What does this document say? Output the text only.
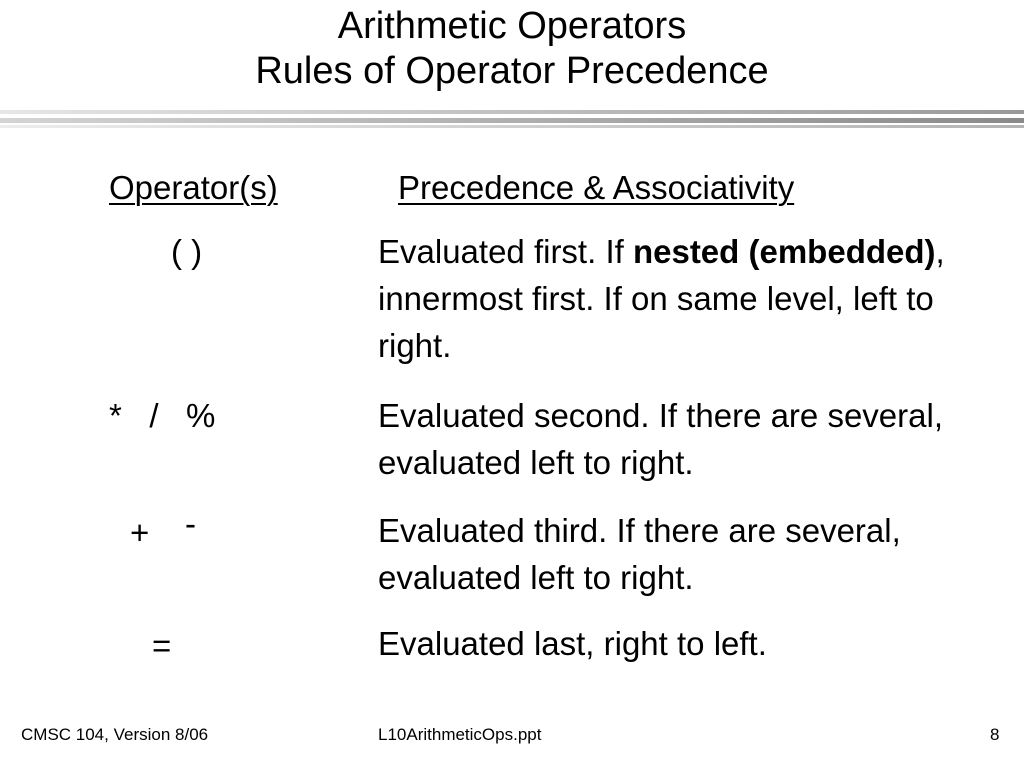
Arithmetic Operators
Rules of Operator Precedence
Operator(s)	Precedence & Associativity
( )	Evaluated first. If nested (embedded), innermost first. If on same level, left to right.
*   /   %	Evaluated second. If there are several, evaluated left to right.
+ -	Evaluated third. If there are several, evaluated left to right.
=	Evaluated last, right to left.
CMSC 104, Version 8/06	L10ArithmeticOps.ppt	8
